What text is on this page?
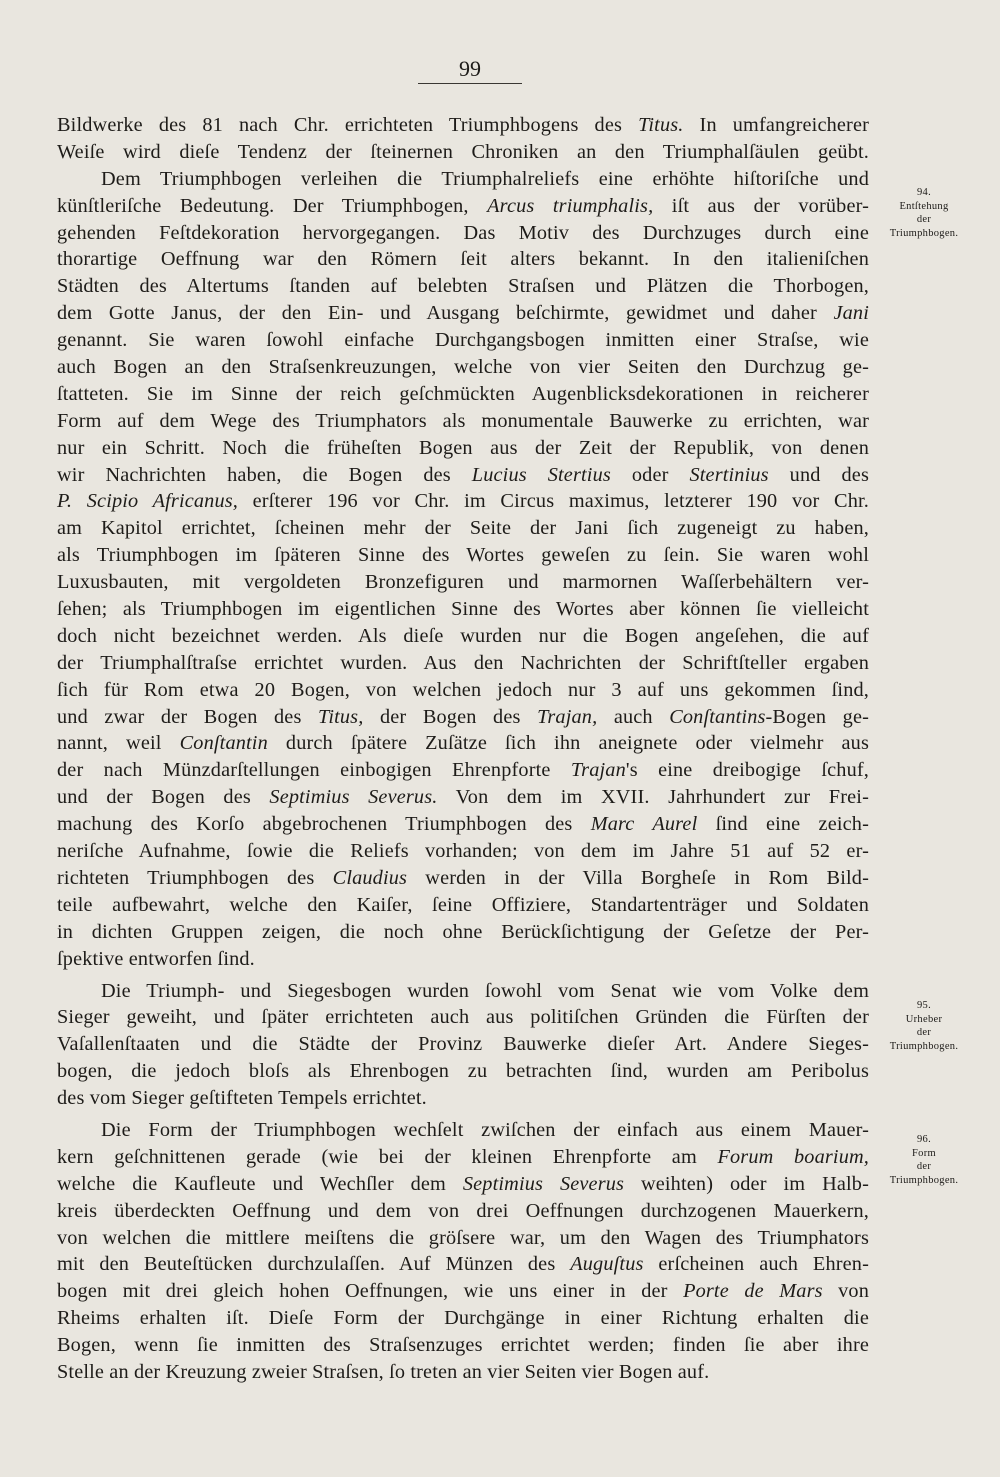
99
Bildwerke des 81 nach Chr. errichteten Triumphbogens des Titus. In umfangreicherer
Weiſe wird dieſe Tendenz der ſteinernen Chroniken an den Triumphalſäulen geübt.
Dem Triumphbogen verleihen die Triumphalreliefs eine erhöhte hiſtoriſche und
künſtleriſche Bedeutung. Der Triumphbogen, Arcus triumphalis, iſt aus der vorüber-
gehenden Feſtdekoration hervorgegangen. Das Motiv des Durchzuges durch eine
thorartige Oeffnung war den Römern ſeit alters bekannt. In den italieniſchen
Städten des Altertums ſtanden auf belebten Straſsen und Plätzen die Thorbogen,
dem Gotte Janus, der den Ein- und Ausgang beſchirmte, gewidmet und daher Jani
genannt. Sie waren ſowohl einfache Durchgangsbogen inmitten einer Straſse, wie
auch Bogen an den Straſsenkreuzungen, welche von vier Seiten den Durchzug ge-
ſtatteten. Sie im Sinne der reich geſchmückten Augenblicksdekorationen in reicherer
Form auf dem Wege des Triumphators als monumentale Bauwerke zu errichten, war
nur ein Schritt. Noch die früheſten Bogen aus der Zeit der Republik, von denen
wir Nachrichten haben, die Bogen des Lucius Stertius oder Stertinius und des
P. Scipio Africanus, erſterer 196 vor Chr. im Circus maximus, letzterer 190 vor Chr.
am Kapitol errichtet, ſcheinen mehr der Seite der Jani ſich zugeneigt zu haben,
als Triumphbogen im ſpäteren Sinne des Wortes geweſen zu ſein. Sie waren wohl
Luxusbauten, mit vergoldeten Bronzefiguren und marmornen Waſſerbehältern ver-
ſehen; als Triumphbogen im eigentlichen Sinne des Wortes aber können ſie vielleicht
doch nicht bezeichnet werden. Als dieſe wurden nur die Bogen angeſehen, die auf
der Triumphalſtraſse errichtet wurden. Aus den Nachrichten der Schriftſteller ergaben
ſich für Rom etwa 20 Bogen, von welchen jedoch nur 3 auf uns gekommen ſind,
und zwar der Bogen des Titus, der Bogen des Trajan, auch Conſtantins-Bogen ge-
nannt, weil Conſtantin durch ſpätere Zuſätze ſich ihn aneignete oder vielmehr aus
der nach Münzdarſtellungen einbogigen Ehrenpforte Trajan's eine dreibogige ſchuf,
und der Bogen des Septimius Severus. Von dem im XVII. Jahrhundert zur Frei-
machung des Korſo abgebrochenen Triumphbogen des Marc Aurel ſind eine zeich-
neriſche Aufnahme, ſowie die Reliefs vorhanden; von dem im Jahre 51 auf 52 er-
richteten Triumphbogen des Claudius werden in der Villa Borgheſe in Rom Bild-
teile aufbewahrt, welche den Kaiſer, ſeine Offiziere, Standartenträger und Soldaten
in dichten Gruppen zeigen, die noch ohne Berückſichtigung der Geſetze der Per-
ſpektive entworfen ſind.
Die Triumph- und Siegesbogen wurden ſowohl vom Senat wie vom Volke dem
Sieger geweiht, und ſpäter errichteten auch aus politiſchen Gründen die Fürſten der
Vaſallenſtaaten und die Städte der Provinz Bauwerke dieſer Art. Andere Sieges-
bogen, die jedoch bloſs als Ehrenbogen zu betrachten ſind, wurden am Peribolus
des vom Sieger geſtifteten Tempels errichtet.
Die Form der Triumphbogen wechſelt zwiſchen der einfach aus einem Mauer-
kern geſchnittenen gerade (wie bei der kleinen Ehrenpforte am Forum boarium,
welche die Kaufleute und Wechſler dem Septimius Severus weihten) oder im Halb-
kreis überdeckten Oeffnung und dem von drei Oeffnungen durchzogenen Mauerkern,
von welchen die mittlere meiſtens die gröſsere war, um den Wagen des Triumphators
mit den Beuteſtücken durchzulaſſen. Auf Münzen des Auguſtus erſcheinen auch Ehren-
bogen mit drei gleich hohen Oeffnungen, wie uns einer in der Porte de Mars von
Rheims erhalten iſt. Dieſe Form der Durchgänge in einer Richtung erhalten die
Bogen, wenn ſie inmitten des Straſsenzuges errichtet werden; finden ſie aber ihre
Stelle an der Kreuzung zweier Straſsen, ſo treten an vier Seiten vier Bogen auf.
94.
Entſtehung
der
Triumphbogen.
95.
Urheber
der
Triumphbogen.
96.
Form
der
Triumphbogen.
